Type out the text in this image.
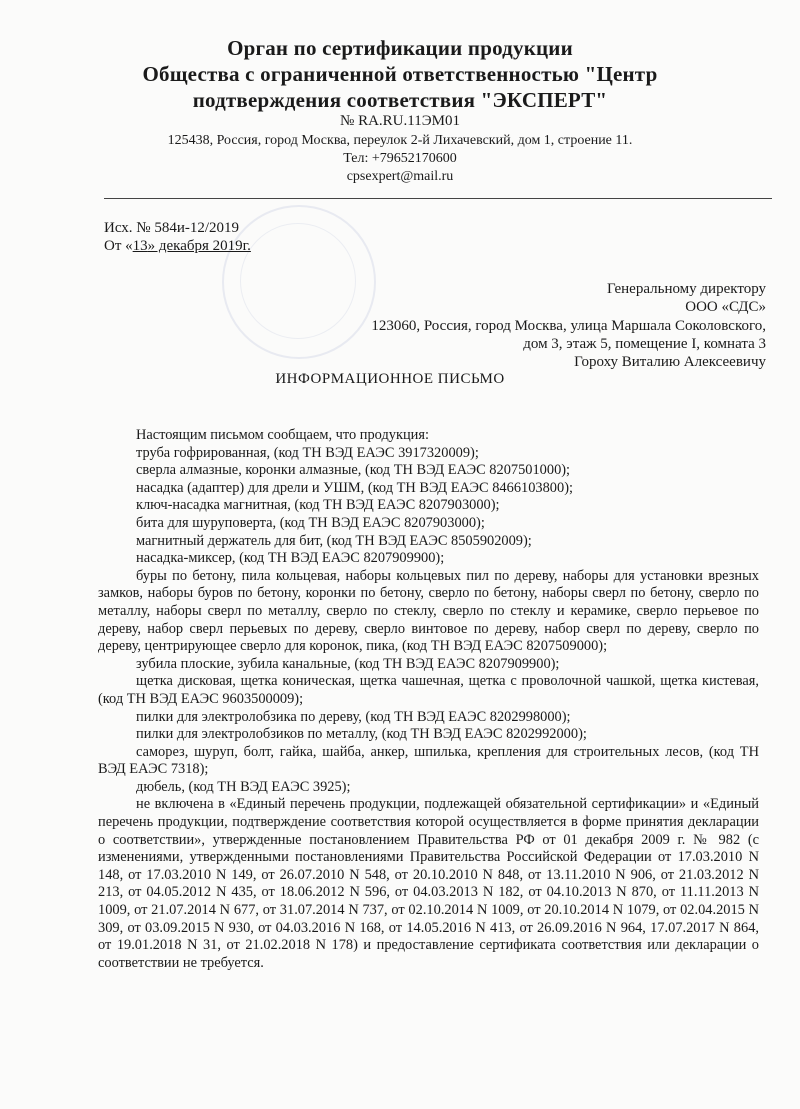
Орган по сертификации продукции
Общества с ограниченной ответственностью "Центр
подтверждения соответствия "ЭКСПЕРТ"
№ RA.RU.11ЭМ01
125438, Россия, город Москва, переулок 2-й Лихачевский, дом 1, строение 11.
Тел: +79652170600
cpsexpert@mail.ru
Исх. № 584и-12/2019
От «13» декабря 2019г.
Генеральному директору
ООО «СДС»
123060, Россия, город Москва, улица Маршала Соколовского,
дом 3, этаж 5, помещение I, комната 3
Гороху Виталию Алексеевичу
ИНФОРМАЦИОННОЕ ПИСЬМО

Настоящим письмом сообщаем, что продукция:

труба гофрированная, (код ТН ВЭД ЕАЭС 3917320009);

сверла алмазные, коронки алмазные, (код ТН ВЭД ЕАЭС 8207501000);

насадка (адаптер) для дрели и УШМ, (код ТН ВЭД ЕАЭС 8466103800);

ключ-насадка магнитная, (код ТН ВЭД ЕАЭС 8207903000);

бита для шуруповерта, (код ТН ВЭД ЕАЭС 8207903000);

магнитный держатель для бит, (код ТН ВЭД ЕАЭС 8505902009);

насадка-миксер, (код ТН ВЭД ЕАЭС 8207909900);

буры по бетону, пила кольцевая, наборы кольцевых пил по дереву, наборы для установки врезных замков, наборы буров по бетону, коронки по бетону, сверло по бетону, наборы сверл по бетону, сверло по металлу, наборы сверл по металлу, сверло по стеклу, сверло по стеклу и керамике, сверло перьевое по дереву, набор сверл перьевых по дереву, сверло винтовое по дереву, набор сверл по дереву, сверло по дереву, центрирующее сверло для коронок, пика, (код ТН ВЭД ЕАЭС 8207509000);

зубила плоские, зубила канальные, (код ТН ВЭД ЕАЭС 8207909900);

щетка дисковая, щетка коническая, щетка чашечная, щетка с проволочной чашкой, щетка кистевая, (код ТН ВЭД ЕАЭС 9603500009);

пилки для электролобзика по дереву, (код ТН ВЭД ЕАЭС 8202998000);

пилки для электролобзиков по металлу, (код ТН ВЭД ЕАЭС 8202992000);

саморез, шуруп, болт, гайка, шайба, анкер, шпилька, крепления для строительных лесов, (код ТН ВЭД ЕАЭС 7318);

дюбель, (код ТН ВЭД ЕАЭС 3925);

не включена в «Единый перечень продукции, подлежащей обязательной сертификации» и «Единый перечень продукции, подтверждение соответствия которой осуществляется в форме принятия декларации о соответствии», утвержденные постановлением Правительства РФ от 01 декабря 2009 г. № 982 (с изменениями, утвержденными постановлениями Правительства Российской Федерации от 17.03.2010 N 148, от 17.03.2010 N 149, от 26.07.2010 N 548, от 20.10.2010 N 848, от 13.11.2010 N 906, от 21.03.2012 N 213, от 04.05.2012 N 435, от 18.06.2012 N 596, от 04.03.2013 N 182, от 04.10.2013 N 870, от 11.11.2013 N 1009, от 21.07.2014 N 677, от 31.07.2014 N 737, от 02.10.2014 N 1009, от 20.10.2014 N 1079, от 02.04.2015 N 309, от 03.09.2015 N 930, от 04.03.2016 N 168, от 14.05.2016 N 413, от 26.09.2016 N 964, 17.07.2017 N 864, от 19.01.2018 N 31, от 21.02.2018 N 178) и предоставление сертификата соответствия или декларации о соответствии не требуется.
